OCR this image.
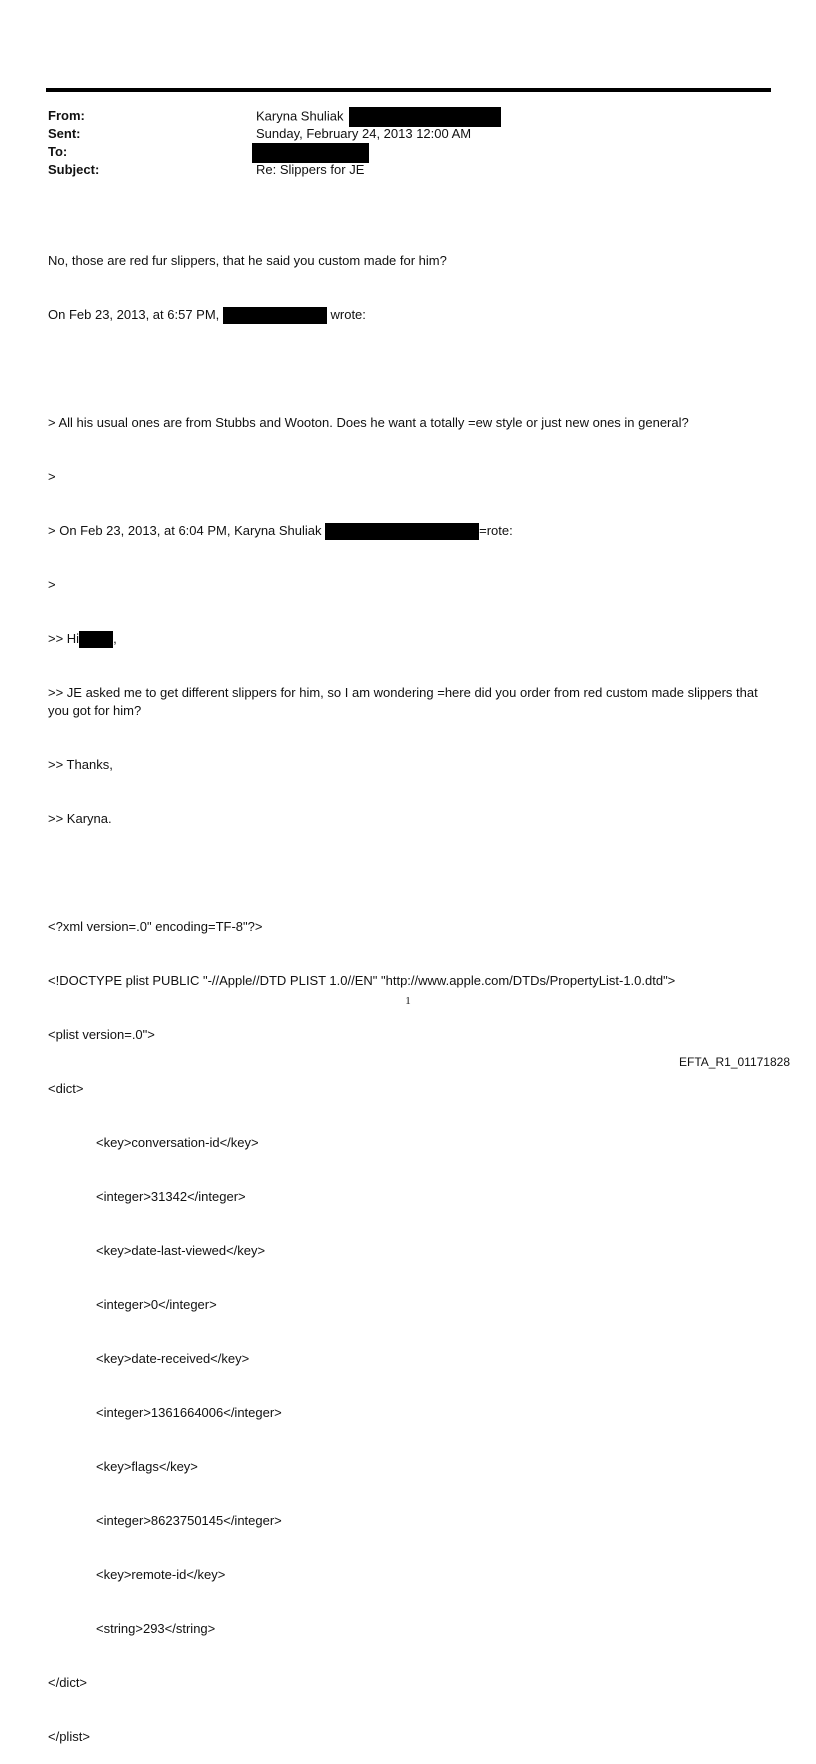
From:	Karyna Shuliak
Sent:	Sunday, February 24, 2013 12:00 AM
To:
Subject:	Re: Slippers for JE

No, those are red fur slippers, that he said you custom made for him?

On Feb 23, 2013, at 6:57 PM,	wrote:

> All his usual ones are from Stubbs and Wooton. Does he want a totally =ew style or just new ones in general?

>

> On Feb 23, 2013, at 6:04 PM, Karyna Shuliak	=rote:

>

>> Hi	,

>> JE asked me to get different slippers for him, so I am wondering =here did you order from red custom made slippers that you got for him?

>> Thanks,

>> Karyna.

<?xml version=.0" encoding=TF-8"?>

<!DOCTYPE plist PUBLIC "-//Apple//DTD PLIST 1.0//EN" "http://www.apple.com/DTDs/PropertyList-1.0.dtd">

<plist version=.0">

<dict>

<key>conversation-id</key>

<integer>31342</integer>

<key>date-last-viewed</key>

<integer>0</integer>

<key>date-received</key>

<integer>1361664006</integer>

<key>flags</key>

<integer>8623750145</integer>

<key>remote-id</key>

<string>293</string>

</dict>

</plist>

1
EFTA_R1_01171828
